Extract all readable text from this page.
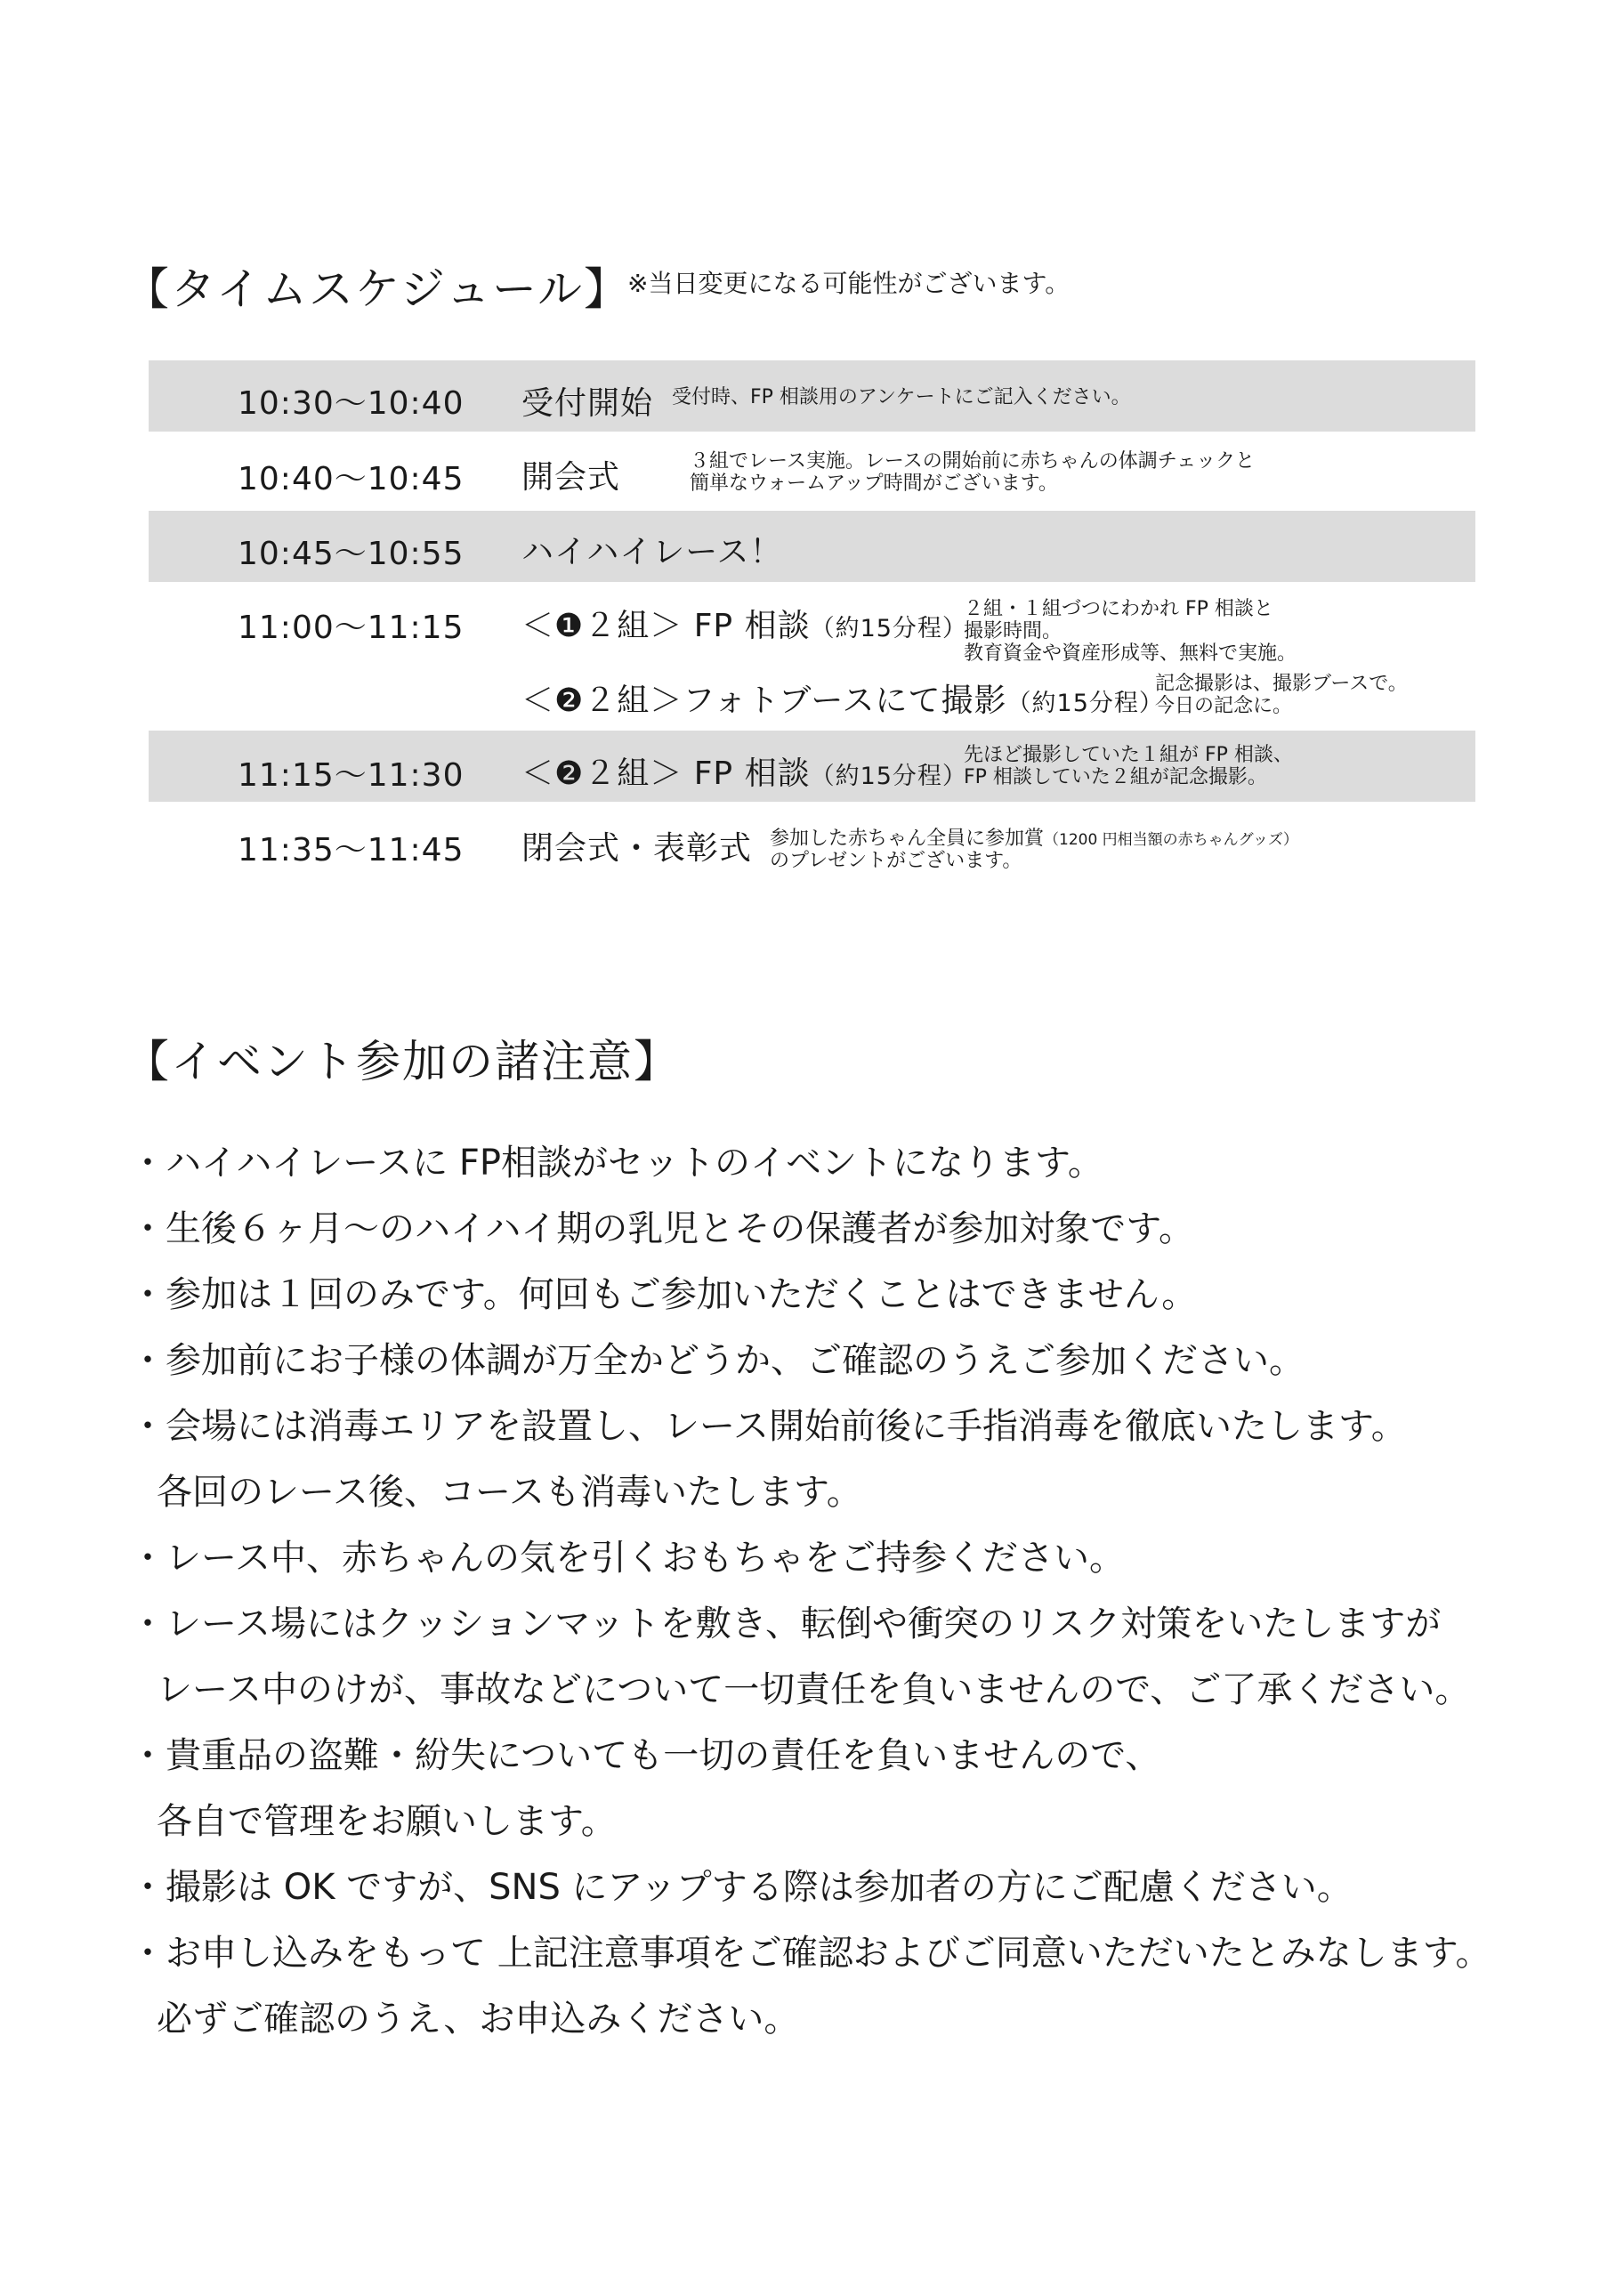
【タイムスケジュール】
※当日変更になる可能性がございます。
10:30〜10:40 受付開始 受付時、FP 相談用のアンケートにご記入ください。
10:40〜10:45 開会式	３組でレース実施。レースの開始前に赤ちゃんの体調チェックと
簡単なウォームアップ時間がございます。
10:45〜10:55 ハイハイレース！
11:00〜11:15 ＜❶２組＞ FP 相談（約15分程）
２組・１組づつにわかれ FP 相談と
撮影時間。
教育資金や資産形成等、無料で実施。
＜❷２組＞フォトブースにて撮影（約15分程）
記念撮影は、撮影ブースで。
今日の記念に。
11:15〜11:30 ＜❷２組＞ FP 相談（約15分程）
先ほど撮影していた１組が FP 相談、
FP 相談していた２組が記念撮影。
11:35〜11:45 閉会式・表彰式 参加した赤ちゃん全員に参加賞（1200 円相当額の赤ちゃんグッズ）
のプレゼントがございます。
【イベント参加の諸注意】
・ハイハイレースに FP相談がセットのイベントになります。
・生後６ヶ月〜のハイハイ期の乳児とその保護者が参加対象です。
・参加は１回のみです。何回もご参加いただくことはできません。
・参加前にお子様の体調が万全かどうか、ご確認のうえご参加ください。
・会場には消毒エリアを設置し、レース開始前後に手指消毒を徹底いたします。
各回のレース後、コースも消毒いたします。
・レース中、赤ちゃんの気を引くおもちゃをご持参ください。
・レース場にはクッションマットを敷き、転倒や衝突のリスク対策をいたしますが
レース中のけが、事故などについて一切責任を負いませんので、ご了承ください。
・貴重品の盗難・紛失についても一切の責任を負いませんので、
各自で管理をお願いします。
・撮影は OK ですが、SNS にアップする際は参加者の方にご配慮ください。
・お申し込みをもって 上記注意事項をご確認およびご同意いただいたとみなします。
必ずご確認のうえ、お申込みください。
